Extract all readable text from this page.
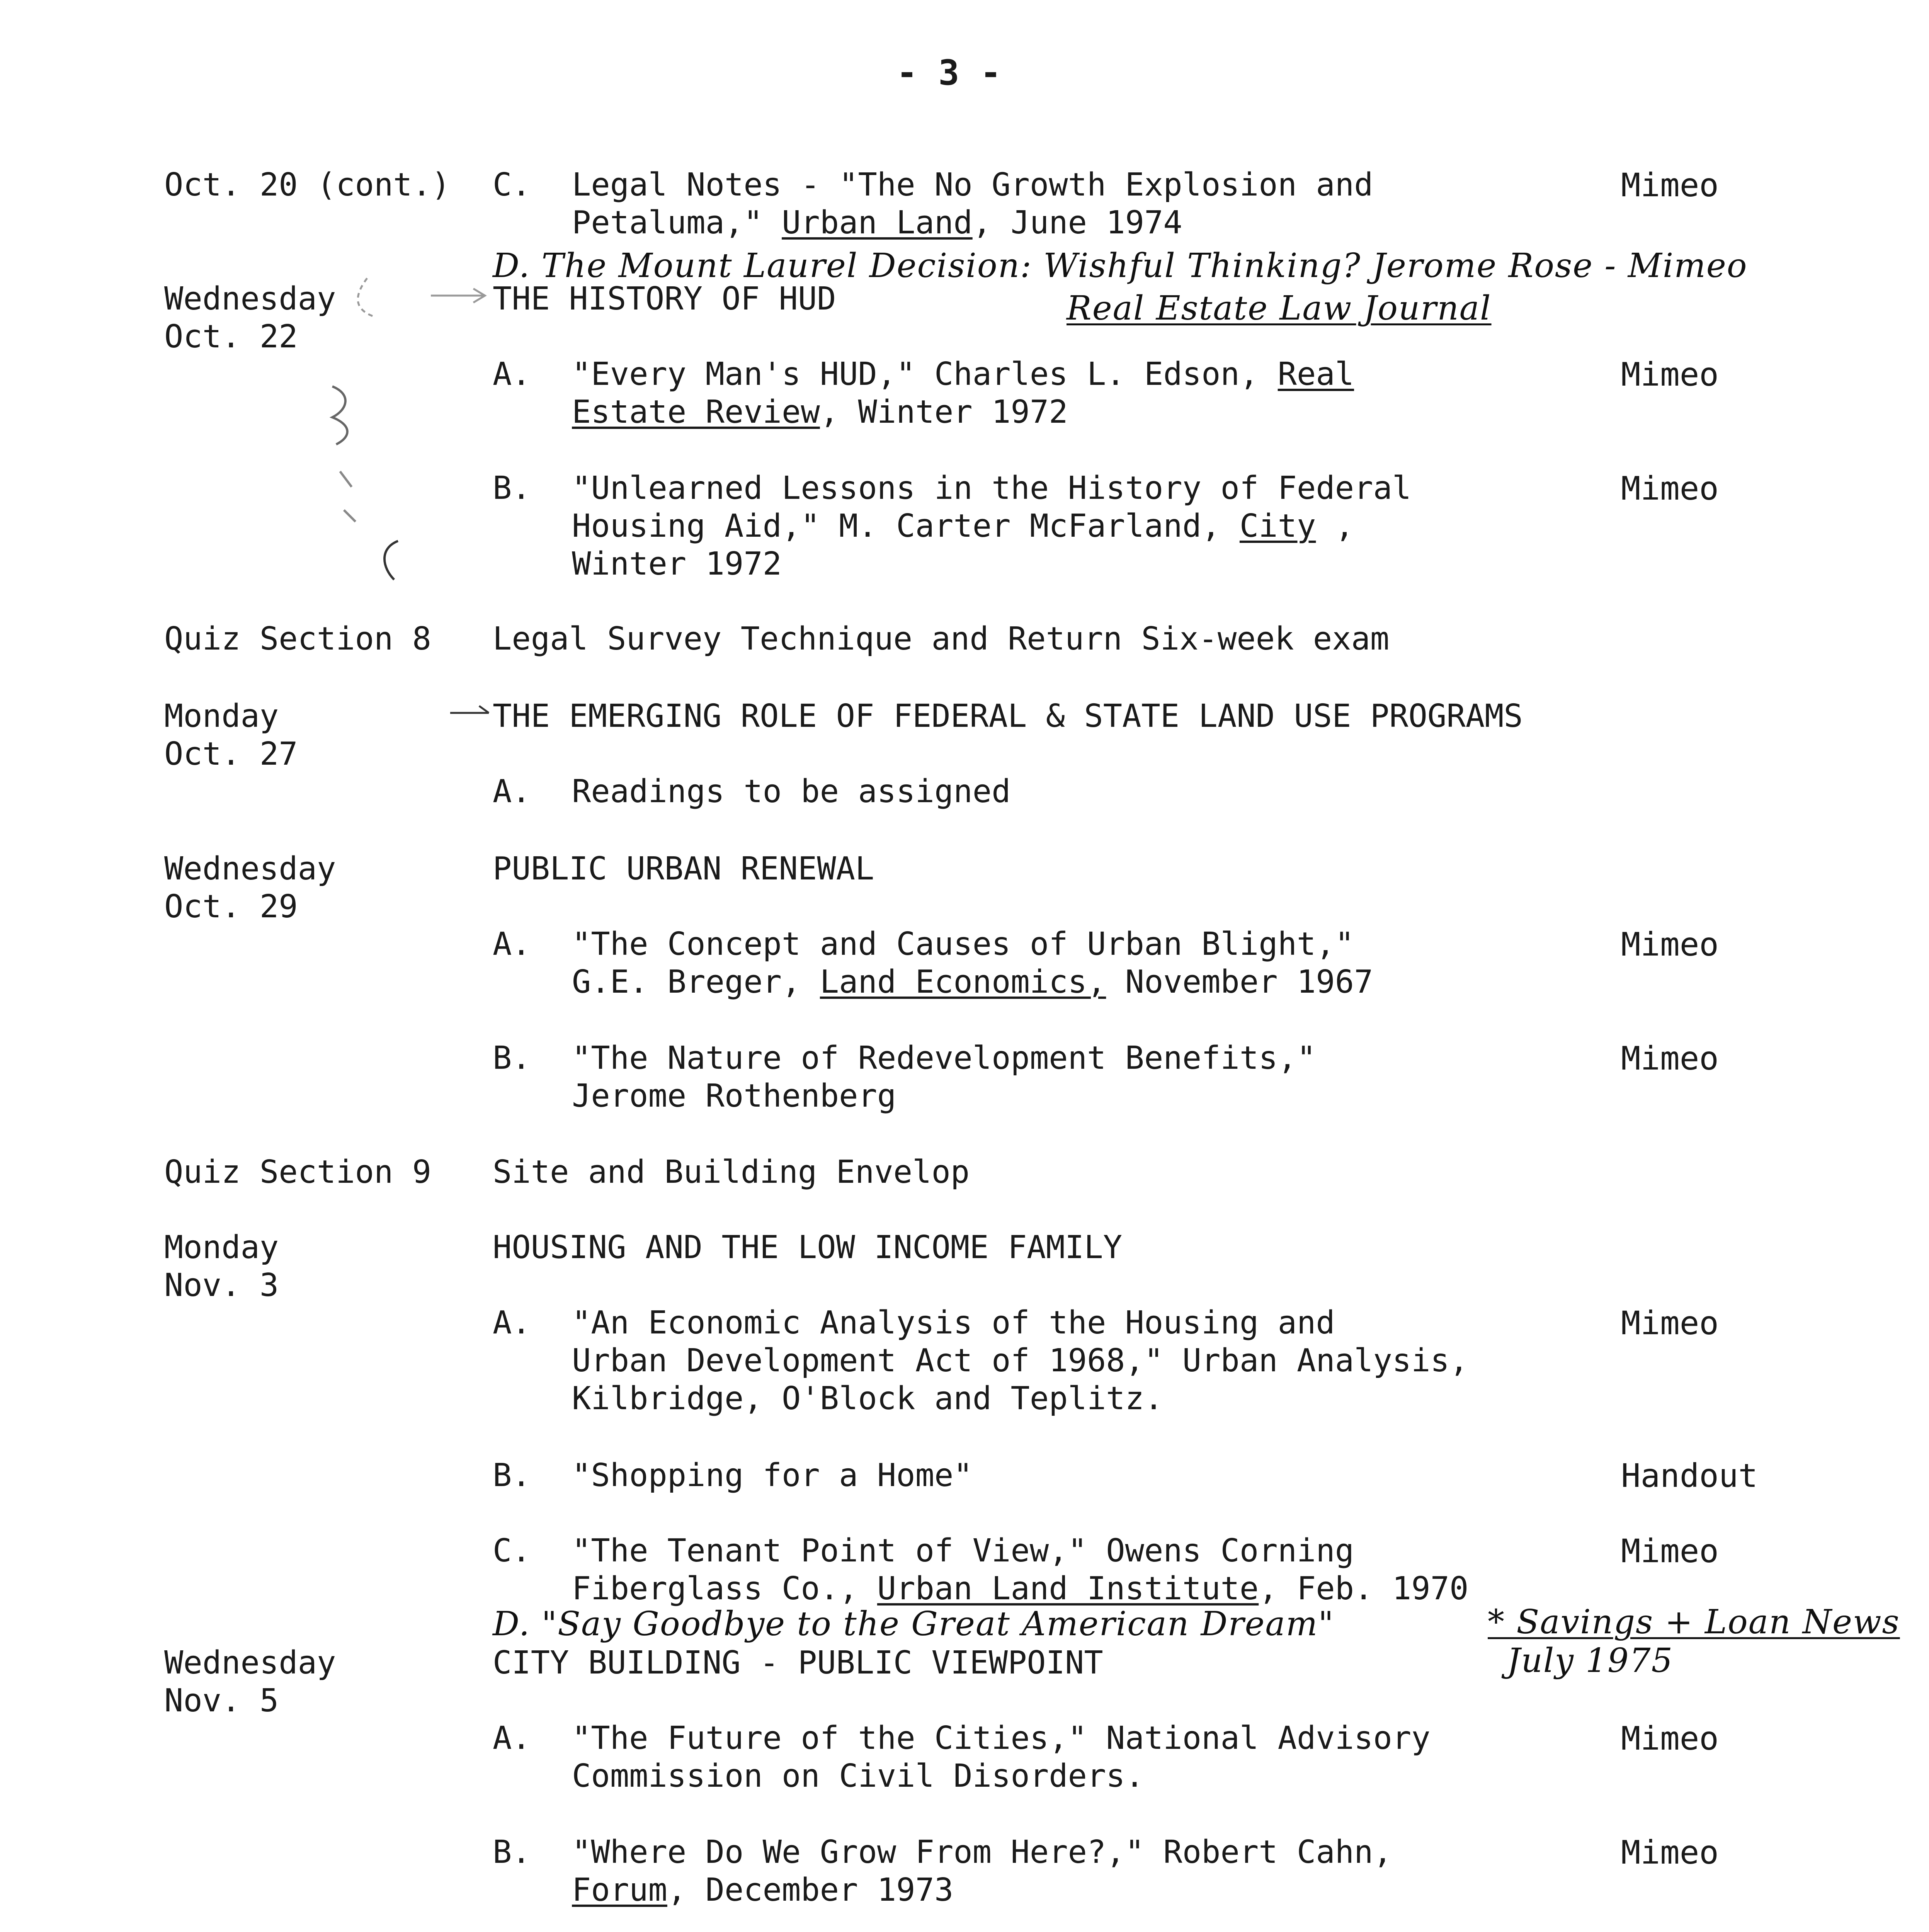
- 3 -
Oct. 20 (cont.) C. Legal Notes - "The No Growth Explosion and
Petaluma," Urban Land, June 1974
Mimeo
D. The Mount Laurel Decision: Wishful Thinking? Jerome Rose - Mimeo
Real Estate Law Journal
Wednesday
Oct. 22
THE HISTORY OF HUD
A. "Every Man's HUD," Charles L. Edson, Real
Estate Review, Winter 1972
Mimeo
B. "Unlearned Lessons in the History of Federal
Housing Aid," M. Carter McFarland, City ,
Winter 1972
Mimeo
Quiz Section 8 Legal Survey Technique and Return Six-week exam
Monday
Oct. 27
THE EMERGING ROLE OF FEDERAL & STATE LAND USE PROGRAMS
A. Readings to be assigned
Wednesday
Oct. 29
PUBLIC URBAN RENEWAL
A. "The Concept and Causes of Urban Blight,"
G.E. Breger, Land Economics, November 1967
Mimeo
B. "The Nature of Redevelopment Benefits,"
Jerome Rothenberg
Mimeo
Quiz Section 9 Site and Building Envelop
Monday
Nov. 3
HOUSING AND THE LOW INCOME FAMILY
A. "An Economic Analysis of the Housing and
Urban Development Act of 1968," Urban Analysis,
Kilbridge, O'Block and Teplitz.
Mimeo
B. "Shopping for a Home"	Handout
C. "The Tenant Point of View," Owens Corning
Fiberglass Co., Urban Land Institute, Feb. 1970
Mimeo
D. "Say Goodbye to the Great American Dream"	* Savings + Loan News
July 1975
Wednesday
Nov. 5
CITY BUILDING - PUBLIC VIEWPOINT
A. "The Future of the Cities," National Advisory
Commission on Civil Disorders.
Mimeo
B. "Where Do We Grow From Here?," Robert Cahn,
Forum, December 1973
Mimeo
